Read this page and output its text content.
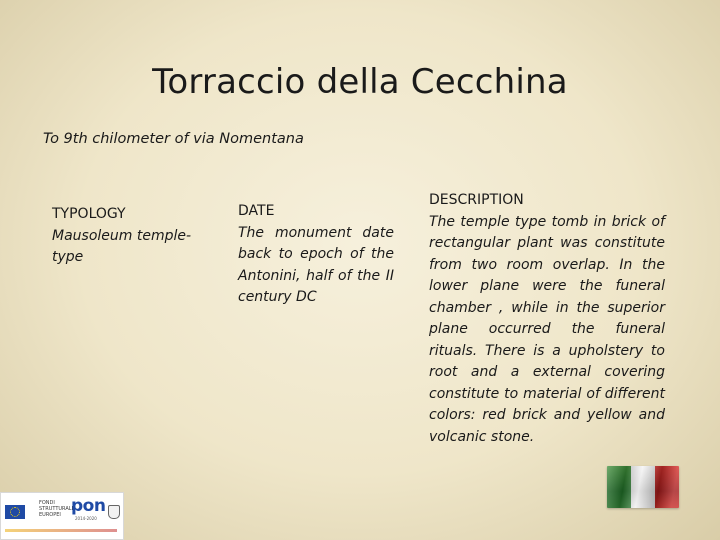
Torraccio della Cecchina
To 9th chilometer of via Nomentana
TYPOLOGY
Mausoleum temple-type
DATE
The monument date back to epoch of the Antonini, half of the II century DC
DESCRIPTION
The temple type tomb in brick of rectangular plant was constitute from two room overlap. In the lower plane were the funeral chamber , while in the superior plane occurred the funeral rituals. There is a upholstery to root and a external covering constitute to material of different colors: red brick and yellow and volcanic stone.
FONDI STRUTTURALI EUROPEI pon
2014-2020
